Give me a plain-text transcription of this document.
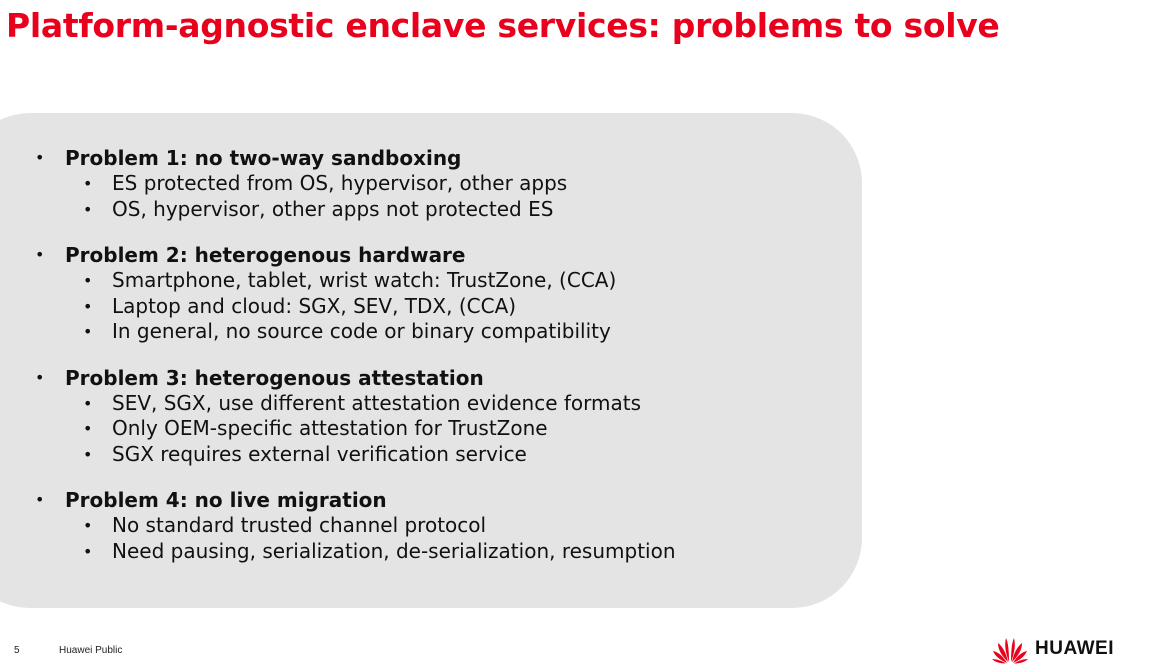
Platform-agnostic enclave services: problems to solve
• Problem 1: no two-way sandboxing
• ES protected from OS, hypervisor, other apps
• OS, hypervisor, other apps not protected ES
• Problem 2: heterogenous hardware
• Smartphone, tablet, wrist watch: TrustZone, (CCA)
• Laptop and cloud: SGX, SEV, TDX, (CCA)
• In general, no source code or binary compatibility
• Problem 3: heterogenous attestation
• SEV, SGX, use different attestation evidence formats
• Only OEM-specific attestation for TrustZone
• SGX requires external verification service
• Problem 4: no live migration
• No standard trusted channel protocol
• Need pausing, serialization, de-serialization, resumption
5	Huawei Public	HUAWEI
